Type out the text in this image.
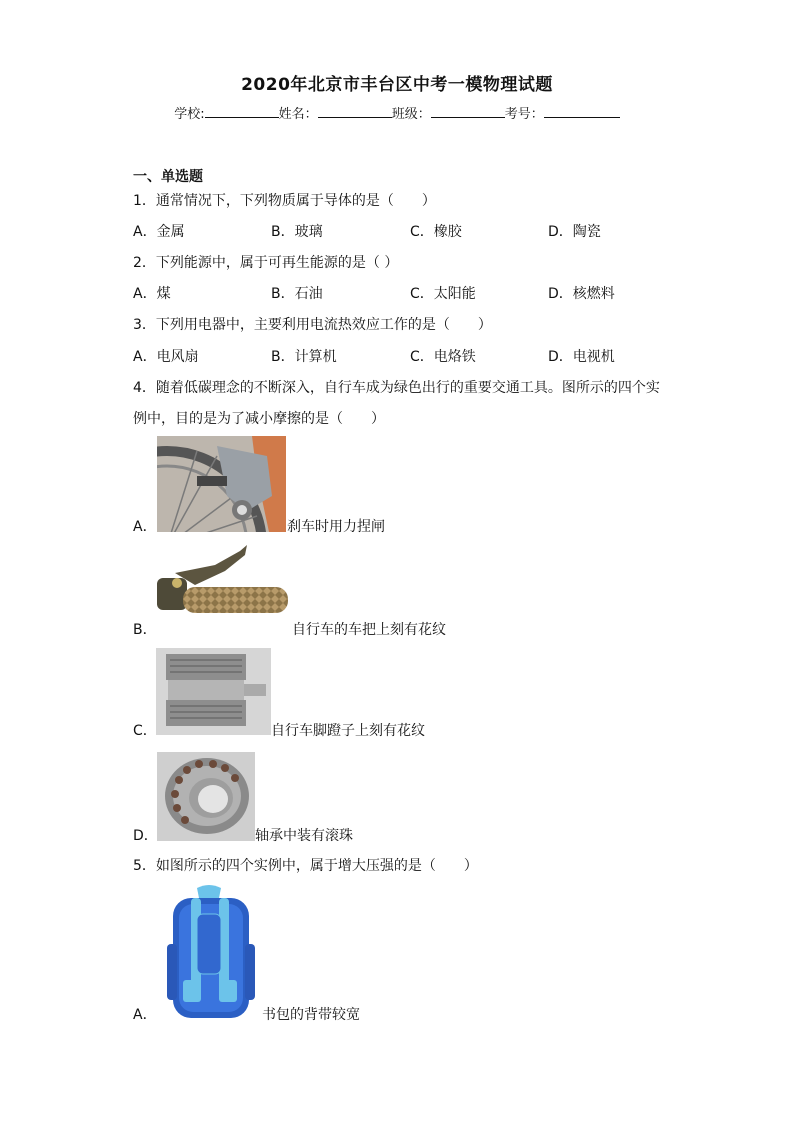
2020年北京市丰台区中考一模物理试题
学校:	姓名：	班级：	考号：
一、单选题
1．通常情况下，下列物质属于导体的是（　　）
A．金属	B．玻璃	C．橡胶	D．陶瓷
2．下列能源中，属于可再生能源的是（ ）
A．煤	B．石油	C．太阳能	D．核燃料
3．下列用电器中，主要利用电流热效应工作的是（　　）
A．电风扇	B．计算机	C．电烙铁	D．电视机
4．随着低碳理念的不断深入，自行车成为绿色出行的重要交通工具。图所示的四个实
例中，目的是为了减小摩擦的是（　　）
A．	刹车时用力捏闸
B．	自行车的车把上刻有花纹
C．	自行车脚蹬子上刻有花纹
D．	轴承中装有滚珠
5．如图所示的四个实例中，属于增大压强的是（　　）
A．	书包的背带较宽
